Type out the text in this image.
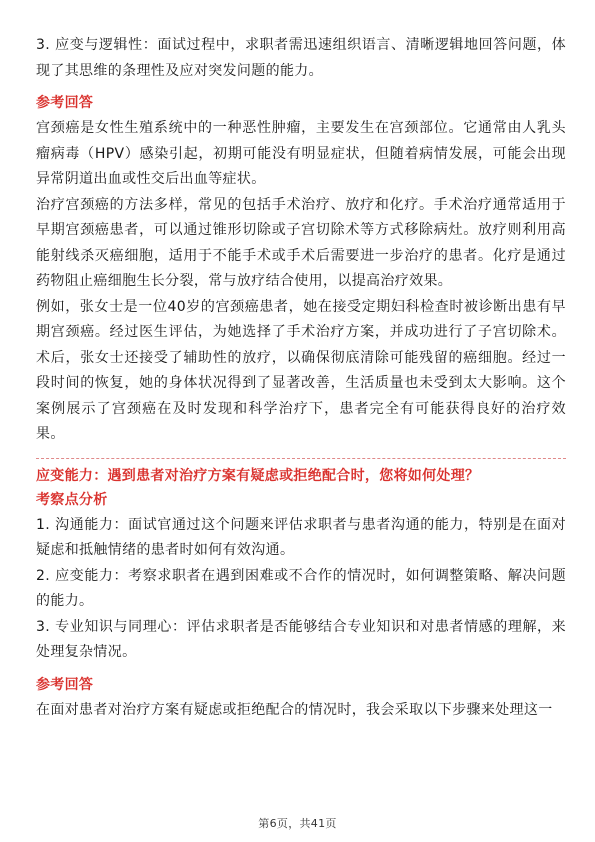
3. 应变与逻辑性：面试过程中，求职者需迅速组织语言、清晰逻辑地回答问题，体现了其思维的条理性及应对突发问题的能力。

参考回答

宫颈癌是女性生殖系统中的一种恶性肿瘤，主要发生在宫颈部位。它通常由人乳头瘤病毒（HPV）感染引起，初期可能没有明显症状，但随着病情发展，可能会出现异常阴道出血或性交后出血等症状。

治疗宫颈癌的方法多样，常见的包括手术治疗、放疗和化疗。手术治疗通常适用于早期宫颈癌患者，可以通过锥形切除或子宫切除术等方式移除病灶。放疗则利用高能射线杀灭癌细胞，适用于不能手术或手术后需要进一步治疗的患者。化疗是通过药物阻止癌细胞生长分裂，常与放疗结合使用，以提高治疗效果。

例如，张女士是一位40岁的宫颈癌患者，她在接受定期妇科检查时被诊断出患有早期宫颈癌。经过医生评估，为她选择了手术治疗方案，并成功进行了子宫切除术。术后，张女士还接受了辅助性的放疗，以确保彻底清除可能残留的癌细胞。经过一段时间的恢复，她的身体状况得到了显著改善，生活质量也未受到太大影响。这个案例展示了宫颈癌在及时发现和科学治疗下，患者完全有可能获得良好的治疗效果。

应变能力：遇到患者对治疗方案有疑虑或拒绝配合时，您将如何处理？
考察点分析

1. 沟通能力：面试官通过这个问题来评估求职者与患者沟通的能力，特别是在面对疑虑和抵触情绪的患者时如何有效沟通。

2. 应变能力：考察求职者在遇到困难或不合作的情况时，如何调整策略、解决问题的能力。

3. 专业知识与同理心：评估求职者是否能够结合专业知识和对患者情感的理解，来处理复杂情况。

参考回答

在面对患者对治疗方案有疑虑或拒绝配合的情况时，我会采取以下步骤来处理这一

第6页，共41页
